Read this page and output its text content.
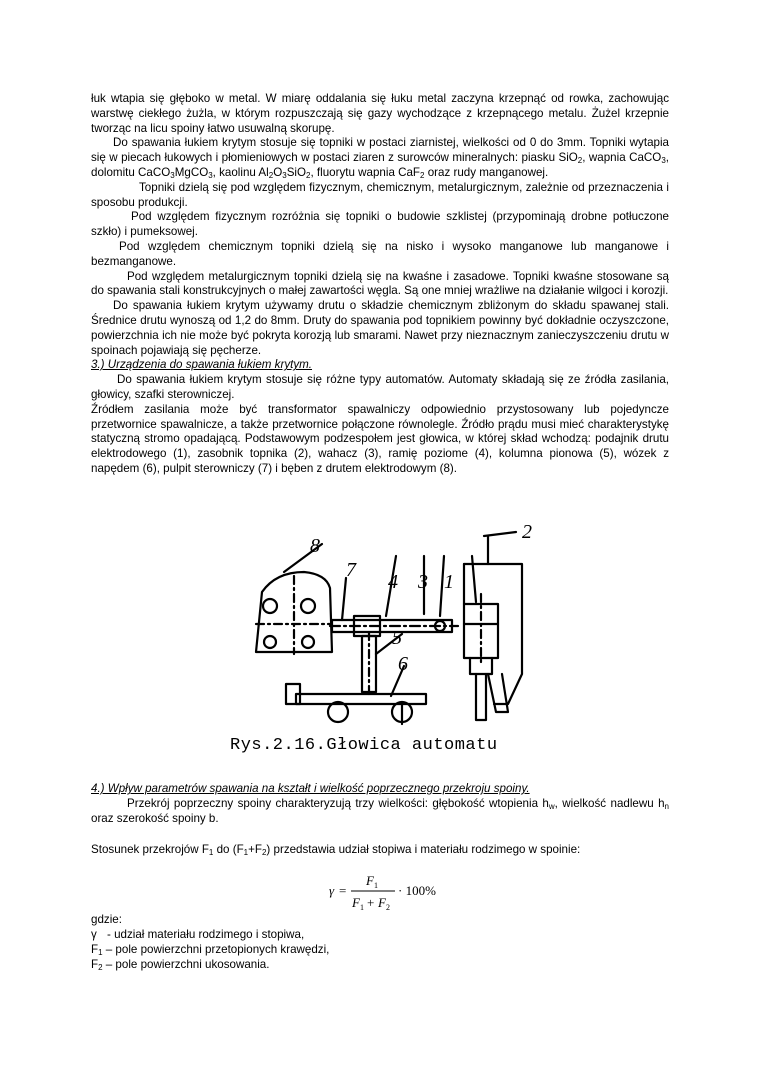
łuk wtapia się głęboko w metal. W miarę oddalania się łuku metal zaczyna krzepnąć od rowka, zachowując warstwę ciekłego żużla, w którym rozpuszczają się gazy wychodzące z krzepnącego metalu. Żużel krzepnie tworząc na licu spoiny łatwo usuwalną skorupę.

Do spawania łukiem krytym stosuje się topniki w postaci ziarnistej, wielkości od 0 do 3mm. Topniki wytapia się w piecach łukowych i płomieniowych w postaci ziaren z surowców mineralnych: piasku SiO$_2$, wapnia CaCO$_3$, dolomitu CaCO$_3$MgCO$_3$, kaolinu $Al_2O_3SiO_2$, fluorytu wapnia CaF$_2$ oraz rudy manganowej.

Topniki dzielą się pod względem fizycznym, chemicznym, metalurgicznym, zależnie od przeznaczenia i sposobu produkcji.

Pod względem fizycznym rozróżnia się topniki o budowie szklistej (przypominają drobne potłuczone szkło) i pumeksowej.

Pod względem chemicznym topniki dzielą się na nisko i wysoko manganowe lub manganowe i bezmanganowe.

Pod względem metalurgicznym topniki dzielą się na kwaśne i zasadowe. Topniki kwaśne stosowane są do spawania stali konstrukcyjnych o małej zawartości węgla. Są one mniej wrażliwe na działanie wilgoci i korozji.

Do spawania łukiem krytym używamy drutu o składzie chemicznym zbliżonym do składu spawanej stali. Średnice drutu wynoszą od 1,2 do 8mm. Druty do spawania pod topnikiem powinny być dokładnie oczyszczone, powierzchnia ich nie może być pokryta korozją lub smarami. Nawet przy nieznacznym zanieczyszczeniu drutu w spoinach pojawiają się pęcherze.

3.) Urządzenia do spawania łukiem krytym.

Do spawania łukiem krytym stosuje się różne typy automatów. Automaty składają się ze źródła zasilania, głowicy, szafki sterowniczej.

Źródłem zasilania może być transformator spawalniczy odpowiednio przystosowany lub pojedyncze przetwornice spawalnicze, a także przetwornice połączone równolegle. Źródło prądu musi mieć charakterystykę statyczną stromo opadającą. Podstawowym podzespołem jest głowica, w której skład wchodzą: podajnik drutu elektrodowego (1), zasobnik topnika (2), wahacz (3), ramię poziome (4), kolumna pionowa (5), wózek z napędem (6), pulpit sterowniczy (7) i bęben z drutem elektrodowym (8).

8
7
4 3 1
2
5
6
Rys.2.16.Głowica automatu

4.) Wpływ parametrów spawania na kształt i wielkość poprzecznego przekroju spoiny.

Przekrój poprzeczny spoiny charakteryzują trzy wielkości: głębokość wtopienia $h_w$, wielkość nadlewu $h_n$ oraz szerokość spoiny b.

Stosunek przekrojów $F_1$ do $(F_1+F_2)$ przedstawia udział stopiwa i materiału rodzimego w spoinie:
γ =
F 1
F 1 + F 2
· 100%
gdzie:
γ - udział materiału rodzimego i stopiwa,
$F_1$ – pole powierzchni przetopionych krawędzi,
$F_2$ – pole powierzchni ukosowania.
